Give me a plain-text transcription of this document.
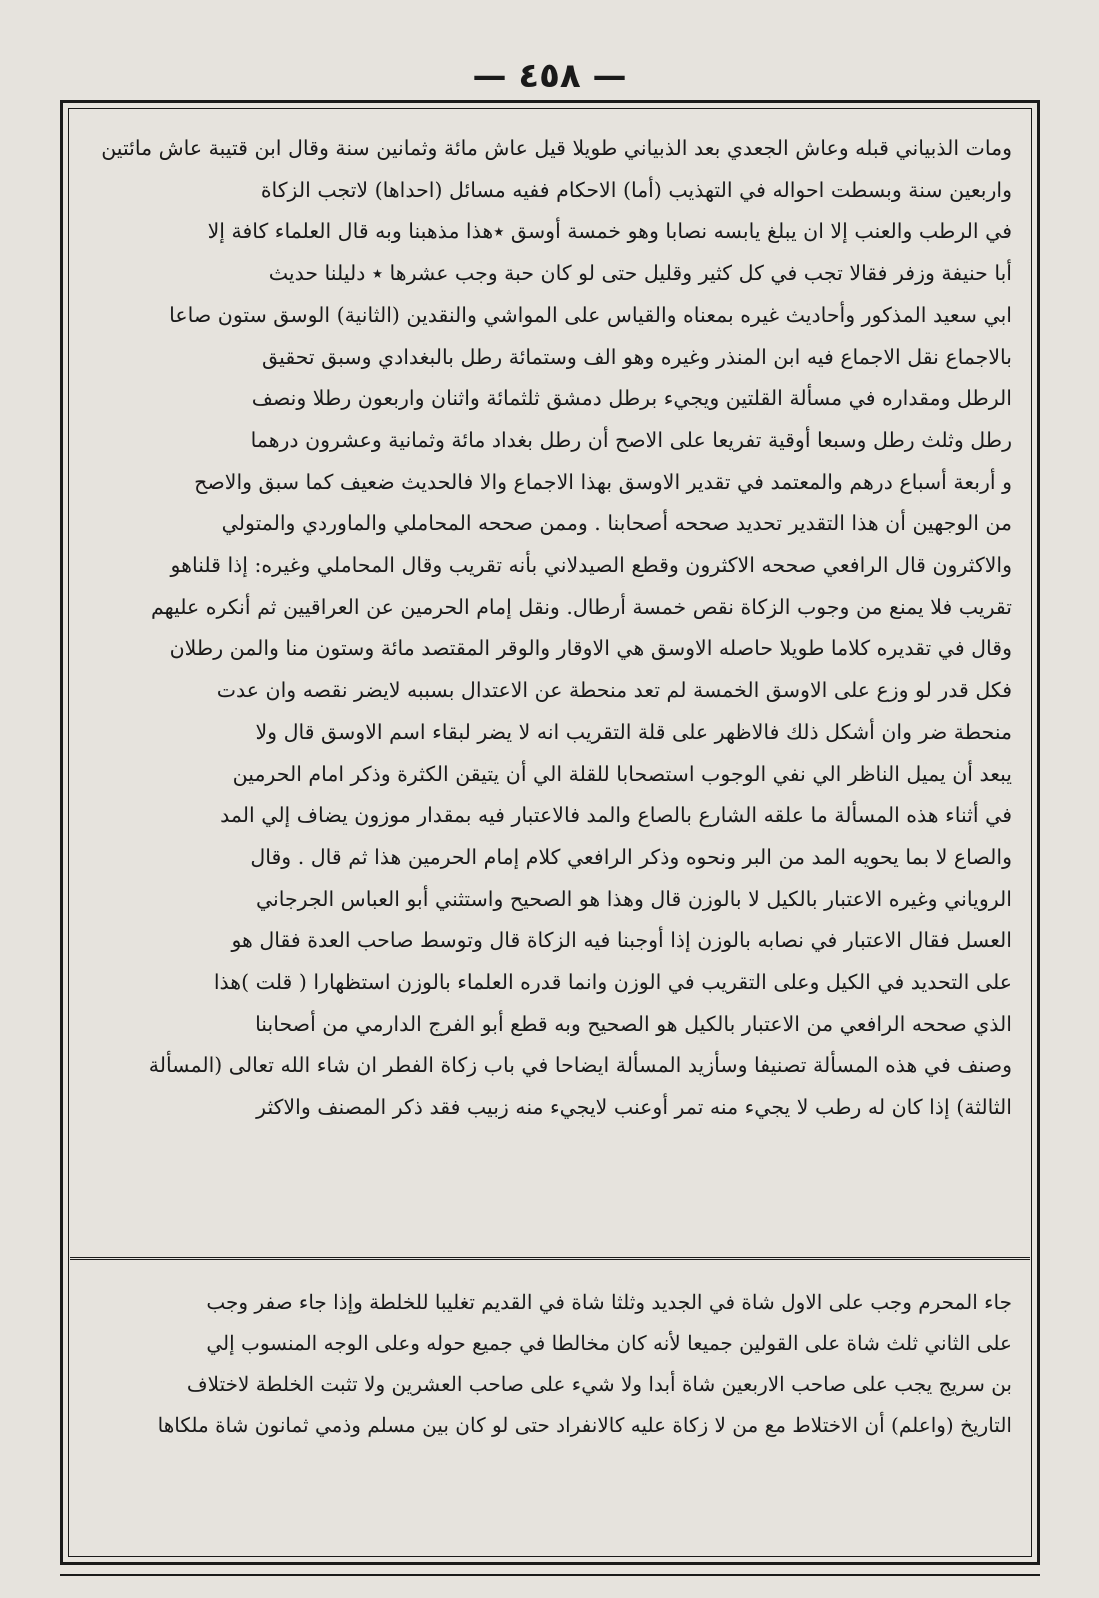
— ٤٥٨ —

ومات الذبياني قبله وعاش الجعدي بعد الذبياني طويلا قيل عاش مائة وثمانين سنة وقال ابن قتيبة عاش مائتين
واربعين سنة وبسطت احواله في التهذيب (أما) الاحكام ففيه مسائل (احداها) لاتجب الزكاة
في الرطب والعنب إلا ان يبلغ يابسه نصابا وهو خمسة أوسق ٭هذا مذهبنا وبه قال العلماء كافة إلا
أبا حنيفة وزفر فقالا تجب في كل كثير وقليل حتى لو كان حبة وجب عشرها ٭ دليلنا حديث
ابي سعيد المذكور وأحاديث غيره بمعناه والقياس على المواشي والنقدين (الثانية) الوسق ستون صاعا
بالاجماع نقل الاجماع فيه ابن المنذر وغيره وهو الف وستمائة رطل بالبغدادي وسبق تحقيق
الرطل ومقداره في مسألة القلتين ويجيء برطل دمشق ثلثمائة واثنان واربعون رطلا ونصف
رطل وثلث رطل وسبعا أوقية تفريعا على الاصح أن رطل بغداد مائة وثمانية وعشرون درهما
و أربعة أسباع درهم والمعتمد في تقدير الاوسق بهذا الاجماع والا فالحديث ضعيف كما سبق والاصح
من الوجهين أن هذا التقدير تحديد صححه أصحابنا . وممن صححه المحاملي والماوردي والمتولي
والاكثرون قال الرافعي صححه الاكثرون وقطع الصيدلاني بأنه تقريب وقال المحاملي وغيره: إذا قلناهو
تقريب فلا يمنع من وجوب الزكاة نقص خمسة أرطال. ونقل إمام الحرمين عن العراقيين ثم أنكره عليهم
وقال في تقديره كلاما طويلا حاصله الاوسق هي الاوقار والوقر المقتصد مائة وستون منا والمن رطلان
فكل قدر لو وزع على الاوسق الخمسة لم تعد منحطة عن الاعتدال بسببه لايضر نقصه وان عدت
منحطة ضر وان أشكل ذلك فالاظهر على قلة التقريب انه لا يضر لبقاء اسم الاوسق قال ولا
يبعد أن يميل الناظر الي نفي الوجوب استصحابا للقلة الي أن يتيقن الكثرة وذكر امام الحرمين
في أثناء هذه المسألة ما علقه الشارع بالصاع والمد فالاعتبار فيه بمقدار موزون يضاف إلي المد
والصاع لا بما يحويه المد من البر ونحوه وذكر الرافعي كلام إمام الحرمين هذا ثم قال . وقال
الروياني وغيره الاعتبار بالكيل لا بالوزن قال وهذا هو الصحيح واستثني أبو العباس الجرجاني
العسل فقال الاعتبار في نصابه بالوزن إذا أوجبنا فيه الزكاة قال وتوسط صاحب العدة فقال هو
على التحديد في الكيل وعلى التقريب في الوزن وانما قدره العلماء بالوزن استظهارا ( قلت )هذا
الذي صححه الرافعي من الاعتبار بالكيل هو الصحيح وبه قطع أبو الفرج الدارمي من أصحابنا
وصنف في هذه المسألة تصنيفا وسأزيد المسألة ايضاحا في باب زكاة الفطر ان شاء الله تعالى (المسألة
الثالثة) إذا كان له رطب لا يجيء منه تمر أوعنب لايجيء منه زبيب فقد ذكر المصنف والاكثر

جاء المحرم وجب على الاول شاة في الجديد وثلثا شاة في القديم تغليبا للخلطة وإذا جاء صفر وجب
على الثاني ثلث شاة على القولين جميعا لأنه كان مخالطا في جميع حوله وعلى الوجه المنسوب إلي
بن سريج يجب على صاحب الاربعين شاة أبدا ولا شيء على صاحب العشرين ولا تثبت الخلطة لاختلاف
التاريخ (واعلم) أن الاختلاط مع من لا زكاة عليه كالانفراد حتى لو كان بين مسلم وذمي ثمانون شاة ملكاها
